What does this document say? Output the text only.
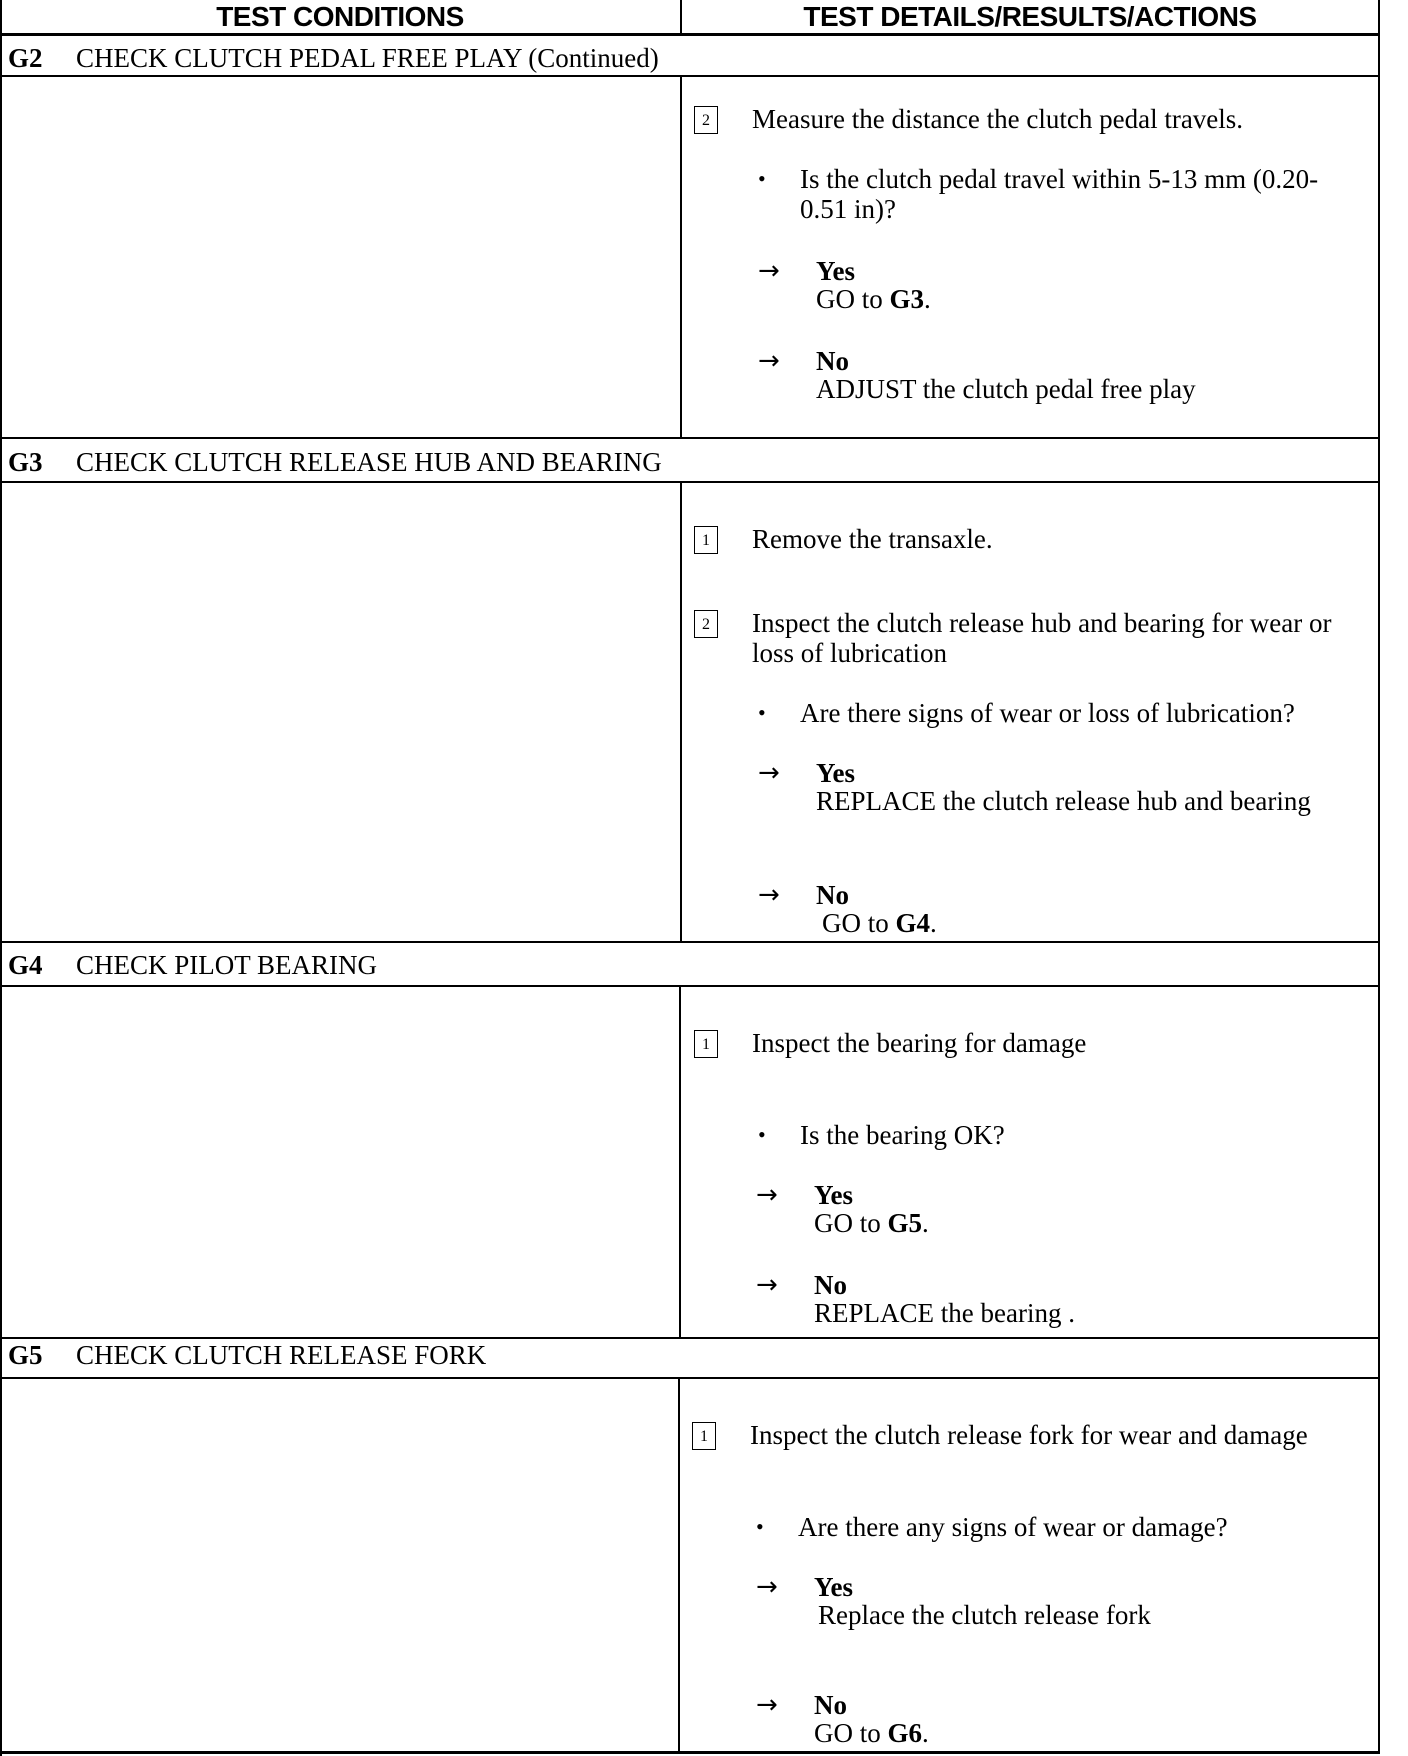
TEST CONDITIONS	TEST DETAILS/RESULTS/ACTIONS
G2 CHECK CLUTCH PEDAL FREE PLAY (Continued)
2 Measure the distance the clutch pedal travels.
• Is the clutch pedal travel within 5-13 mm (0.20-0.51 in)?
→ Yes
GO to G3.
→ No
ADJUST the clutch pedal free play
G3 CHECK CLUTCH RELEASE HUB AND BEARING
1 Remove the transaxle.
2 Inspect the clutch release hub and bearing for wear or loss of lubrication
• Are there signs of wear or loss of lubrication?
→ Yes
REPLACE the clutch release hub and bearing
→ No
GO to G4.
G4 CHECK PILOT BEARING
1 Inspect the bearing for damage
• Is the bearing OK?
→ Yes
GO to G5.
→ No
REPLACE the bearing .
G5 CHECK CLUTCH RELEASE FORK
1 Inspect the clutch release fork for wear and damage
• Are there any signs of wear or damage?
→ Yes
Replace the clutch release fork
→ No
GO to G6.
